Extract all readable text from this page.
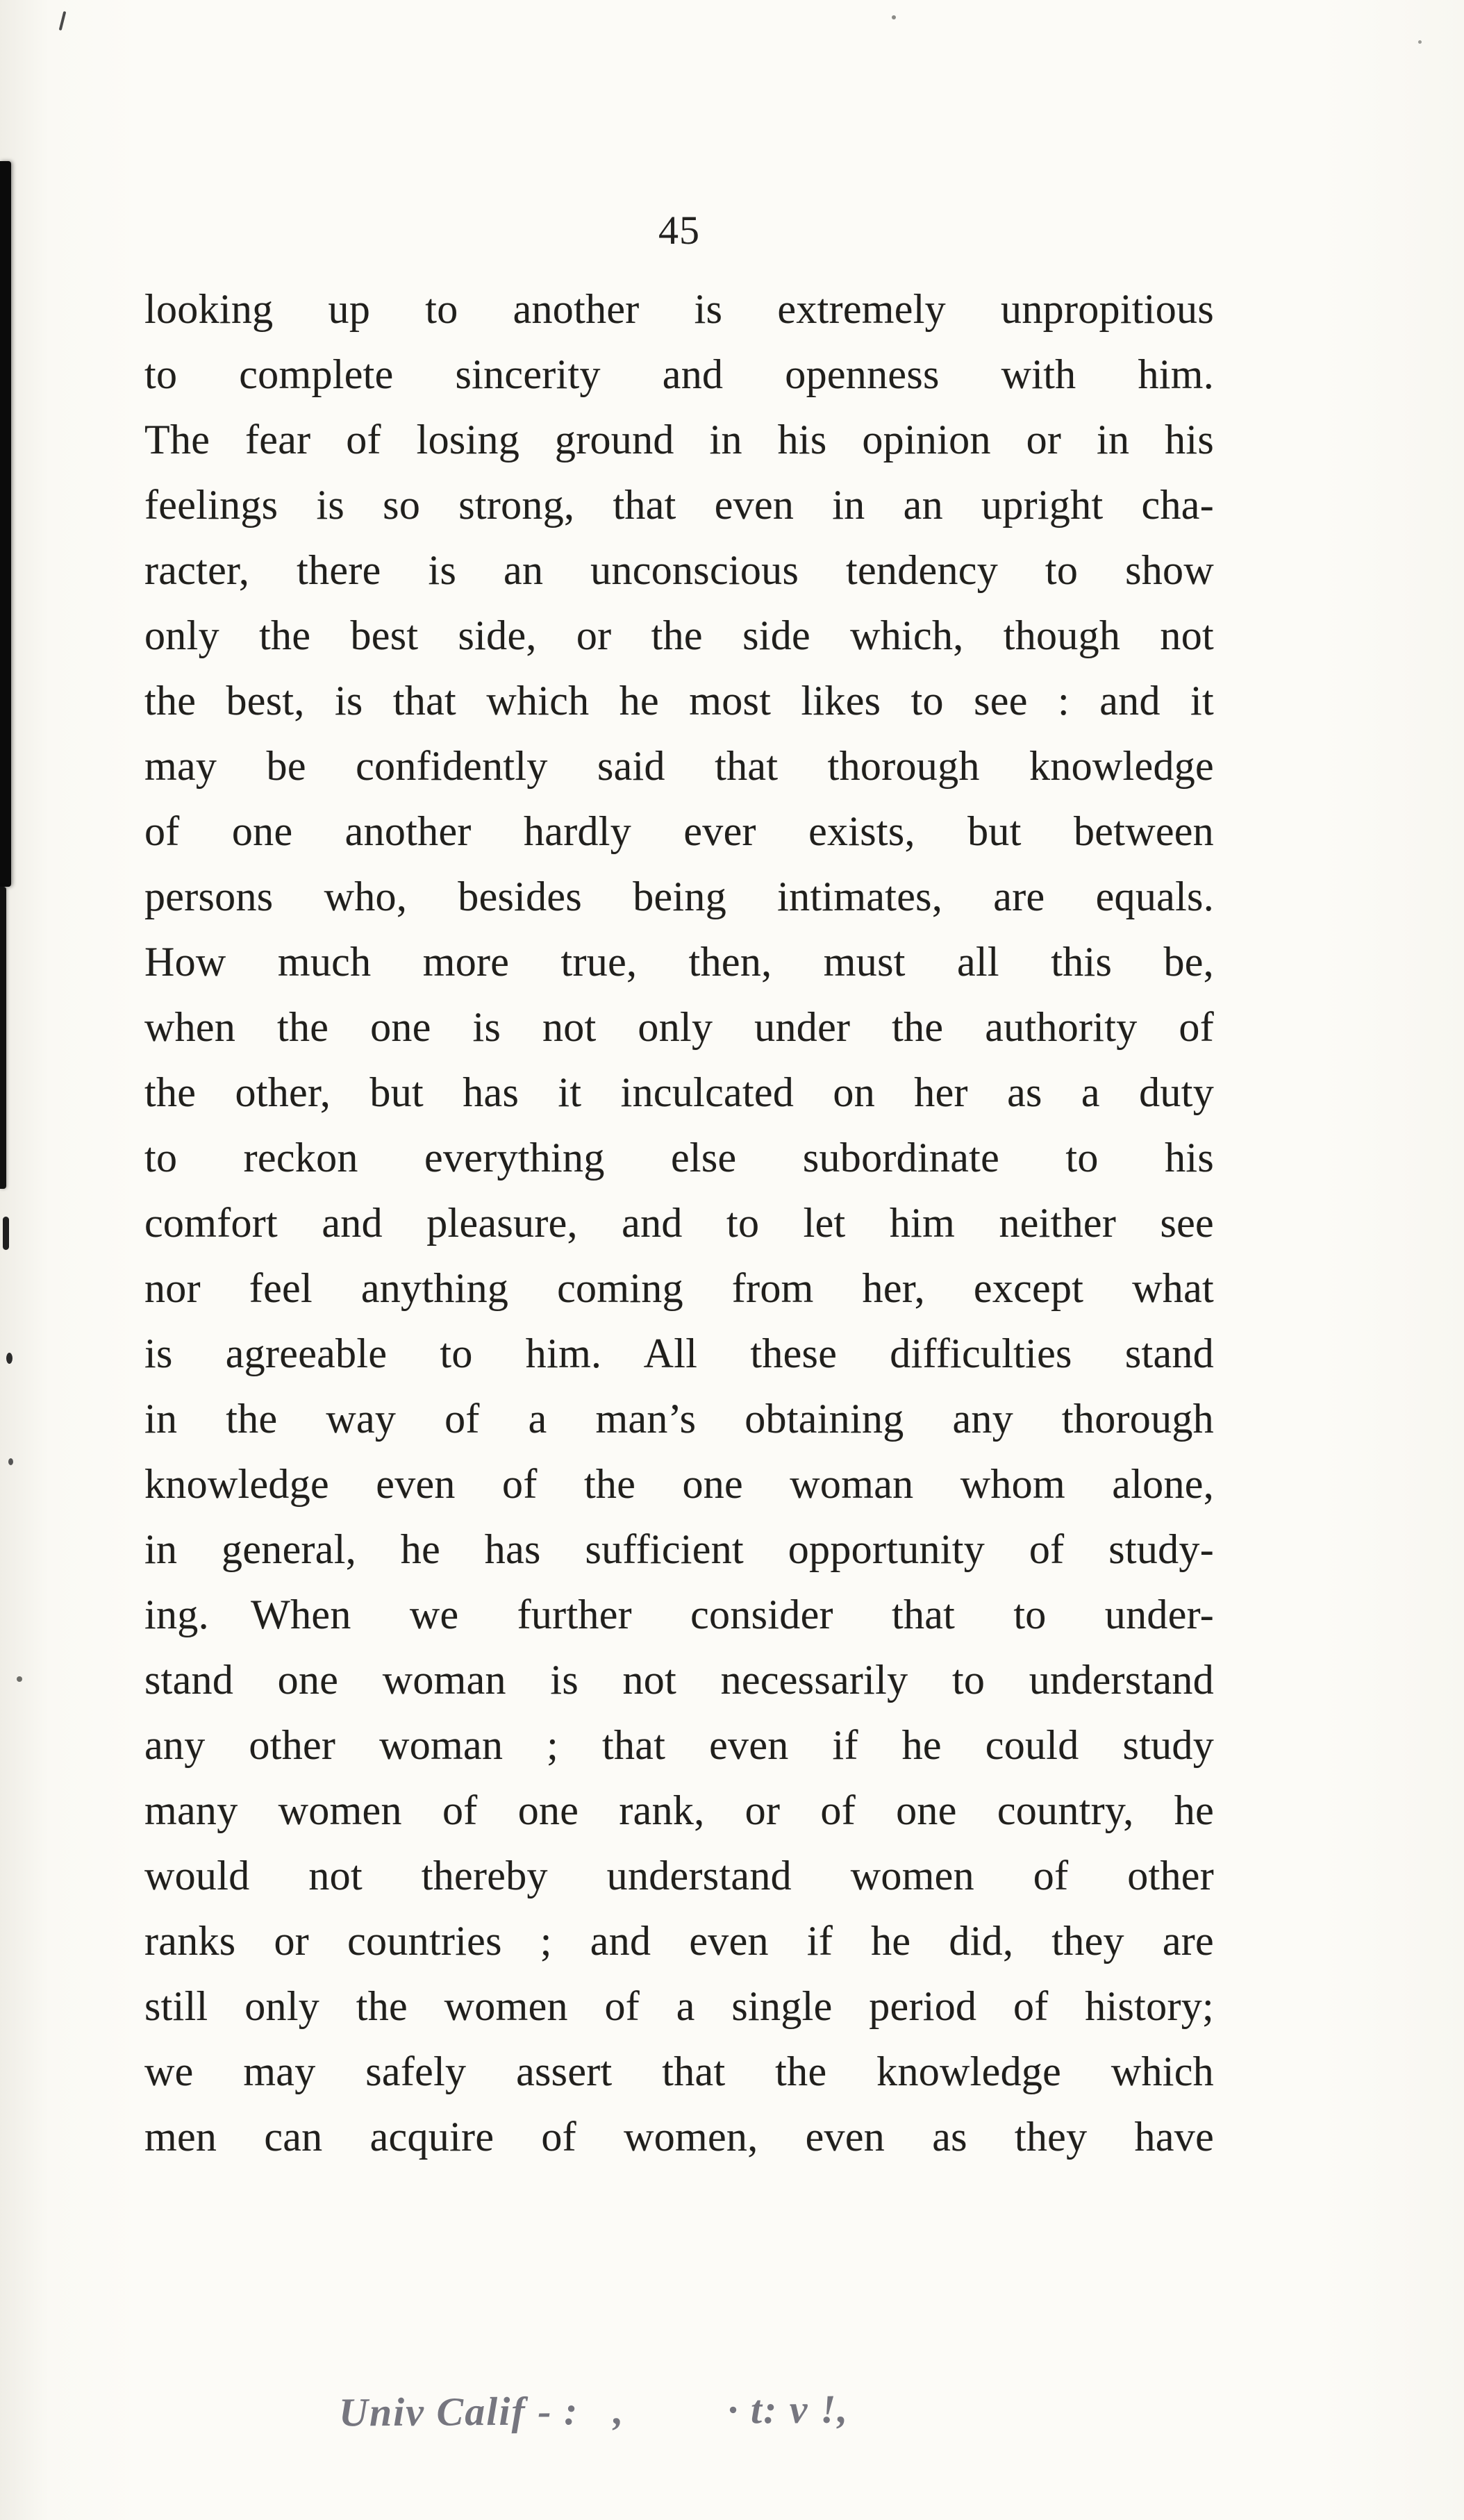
45
looking up to another is extremely unpropitious
to complete sincerity and openness with him.
The fear of losing ground in his opinion or in his
feelings is so strong, that even in an upright cha-
racter, there is an unconscious tendency to show
only the best side, or the side which, though not
the best, is that which he most likes to see : and it
may be confidently said that thorough knowledge
of one another hardly ever exists, but between
persons who, besides being intimates, are equals.
How much more true, then, must all this be,
when the one is not only under the authority of
the other, but has it inculcated on her as a duty
to reckon everything else subordinate to his
comfort and pleasure, and to let him neither see
nor feel anything coming from her, except what
is agreeable to him. All these difficulties stand
in the way of a man’s obtaining any thorough
knowledge even of the one woman whom alone,
in general, he has sufficient opportunity of study-
ing. When we further consider that to under-
stand one woman is not necessarily to understand
any other woman ; that even if he could study
many women of one rank, or of one country, he
would not thereby understand women of other
ranks or countries ; and even if he did, they are
still only the women of a single period of history;
we may safely assert that the knowledge which
men can acquire of women, even as they have
Univ Calif - :   ,         · t: v !,
